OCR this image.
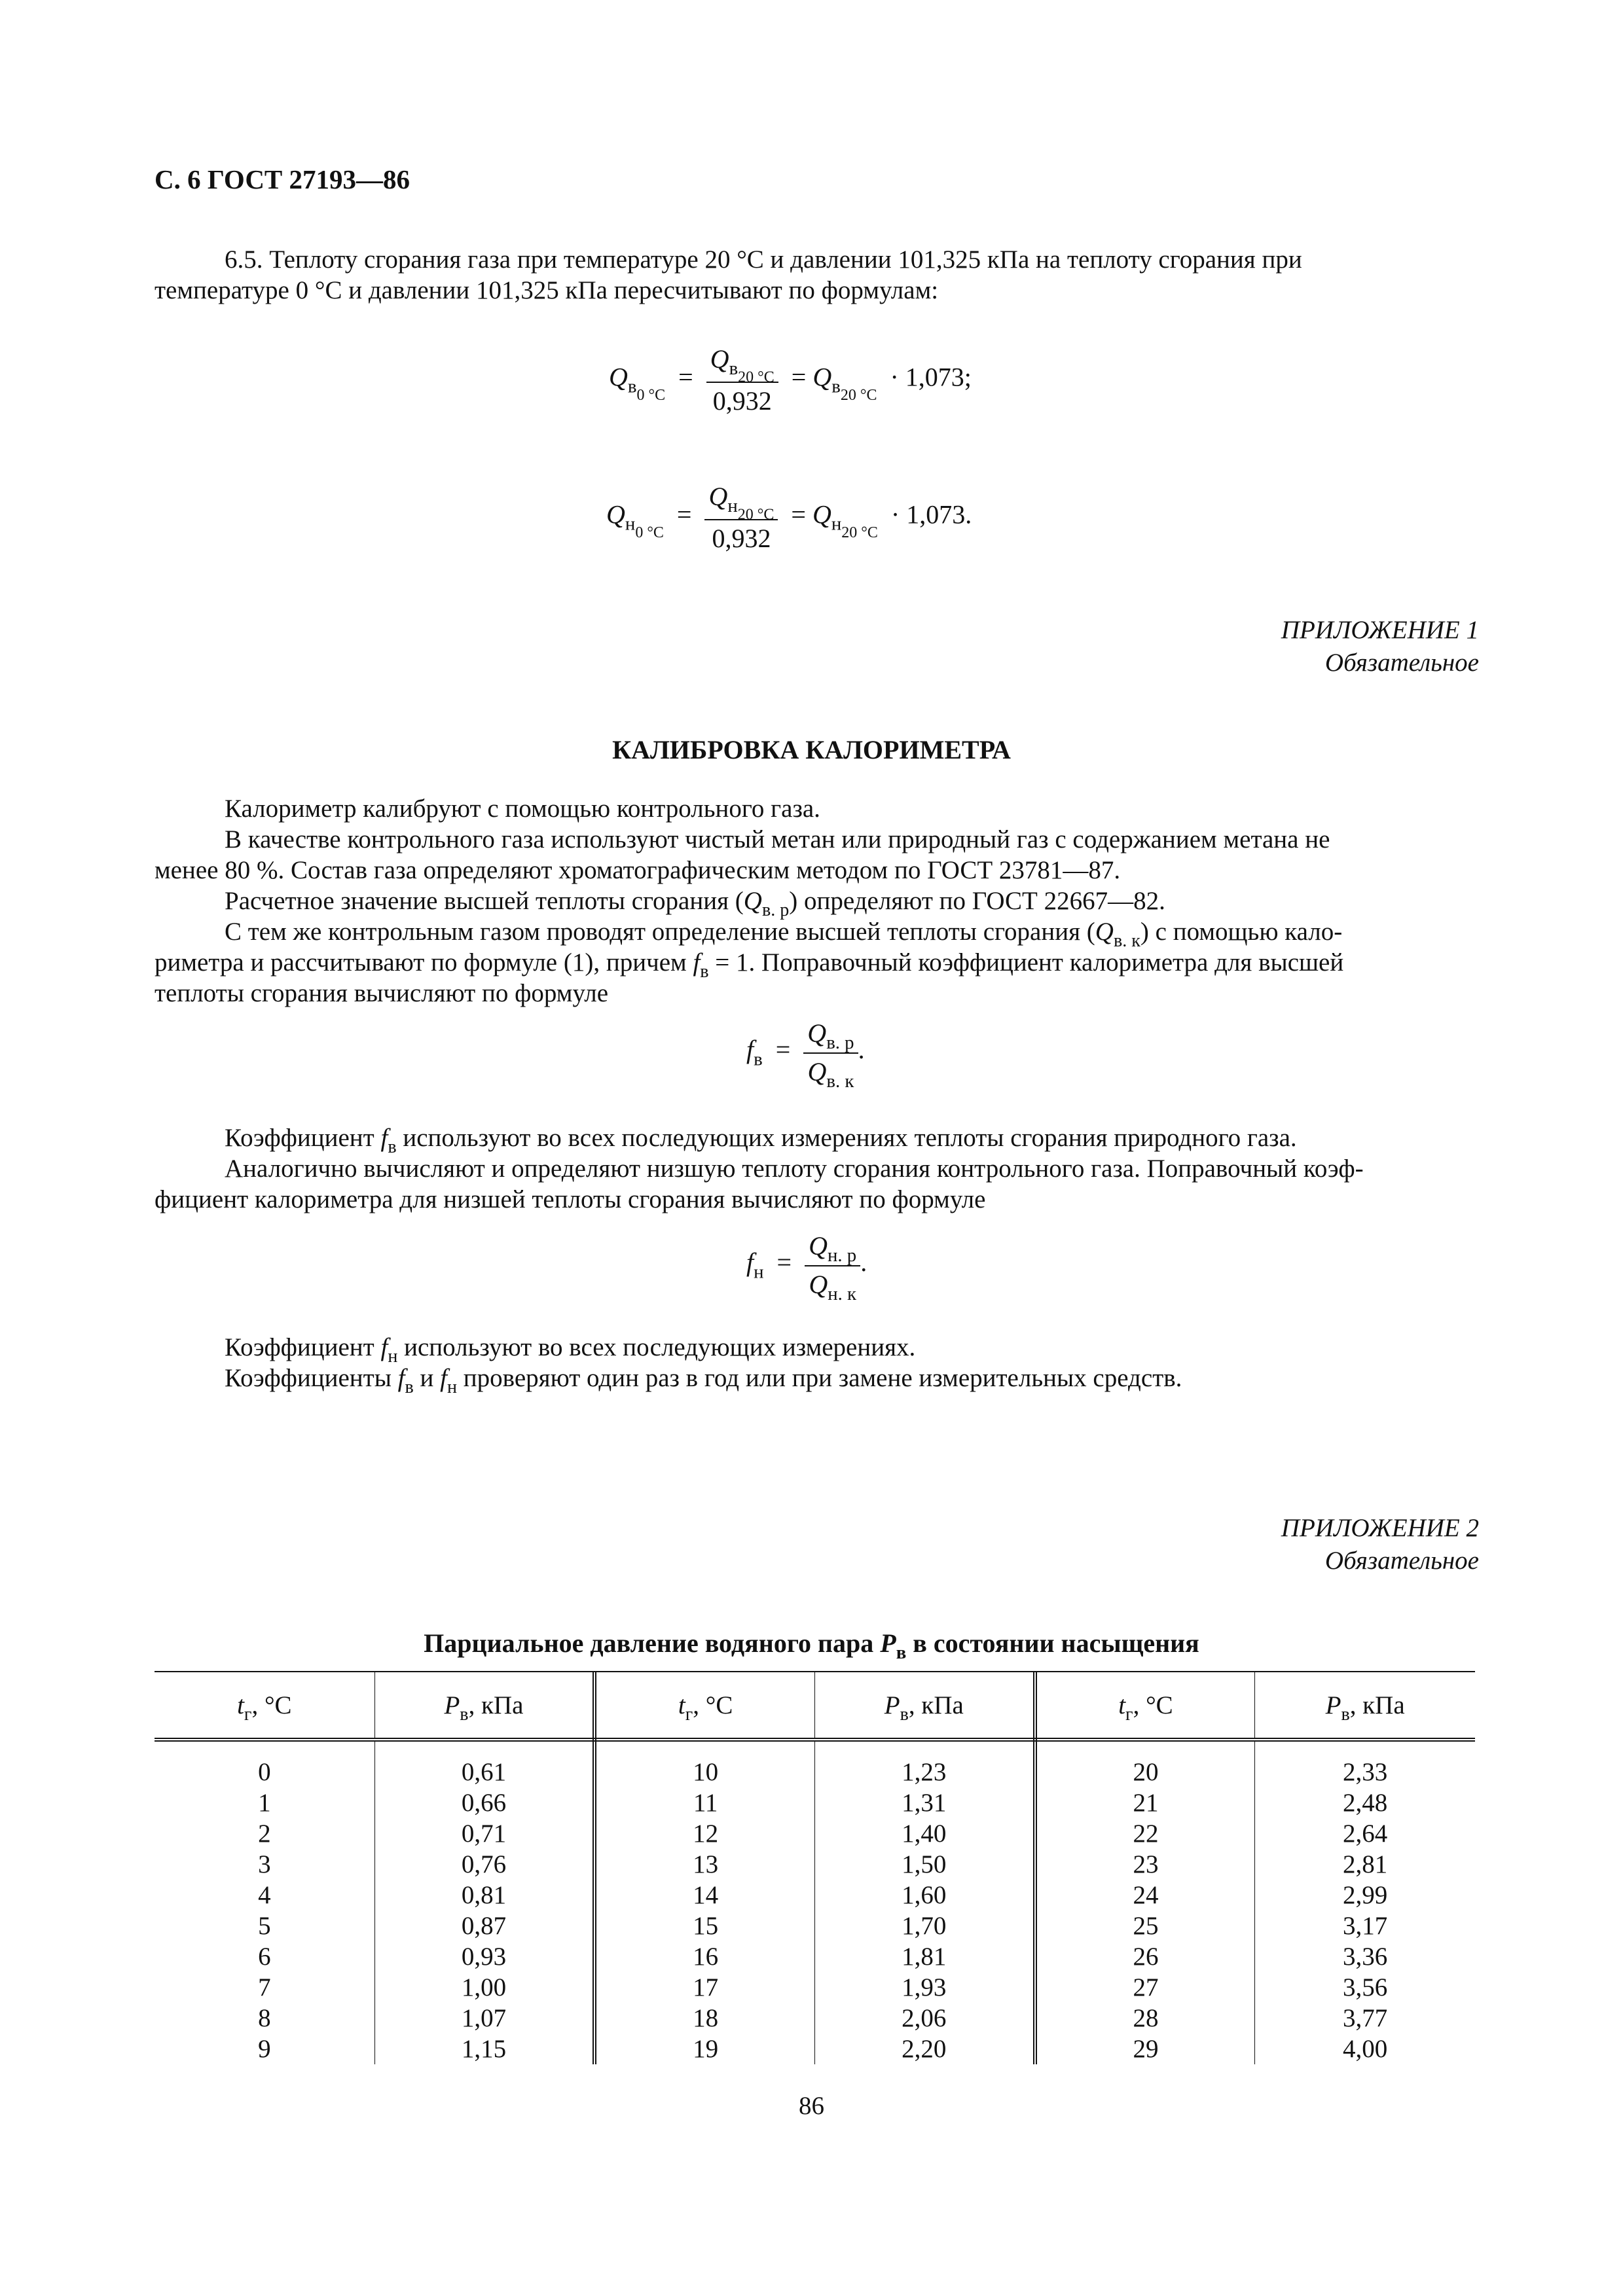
С. 6 ГОСТ 27193—86
6.5. Теплоту сгорания газа при температуре 20 °С и давлении 101,325 кПа на теплоту сгорания при
температуре 0 °С и давлении 101,325 кПа пересчитывают по формулам:
$Q_{в0 ^\circ С} = \frac{Q_{в20 ^\circ С}}{0,932} = Q_{в20 ^\circ С} \cdot 1,073$;
$Q_{н0 ^\circ С} = \frac{Q_{н20 ^\circ С}}{0,932} = Q_{н20 ^\circ С} \cdot 1,073$.
ПРИЛОЖЕНИЕ 1
Обязательное
КАЛИБРОВКА КАЛОРИМЕТРА
Калориметр калибруют с помощью контрольного газа.
В качестве контрольного газа используют чистый метан или природный газ с содержанием метана не
менее 80 %. Состав газа определяют хроматографическим методом по ГОСТ 23781—87.
Расчетное значение высшей теплоты сгорания $(Q_{в. р})$ определяют по ГОСТ 22667—82.
С тем же контрольным газом проводят определение высшей теплоты сгорания $(Q_{в. к})$ с помощью кало-
риметра и рассчитывают по формуле (1), причем $f_в = 1$. Поправочный коэффициент калориметра для высшей
теплоты сгорания вычисляют по формуле
$f_в = \frac{Q_{в. р}}{Q_{в. к}}$ .
Коэффициент $f_в$ используют во всех последующих измерениях теплоты сгорания природного газа.
Аналогично вычисляют и определяют низшую теплоту сгорания контрольного газа. Поправочный коэф-
фициент калориметра для низшей теплоты сгорания вычисляют по формуле
$f_н = \frac{Q_{н. р}}{Q_{н. к}}$ .
Коэффициент $f_н$ используют во всех последующих измерениях.
Коэффициенты $f_в$ и $f_н$ проверяют один раз в год или при замене измерительных средств.
ПРИЛОЖЕНИЕ 2
Обязательное
Парциальное давление водяного пара $P_в$ в состоянии насыщения
$t_г$, °С	$P_в$, кПа	$t_г$, °С	$P_в$, кПа	$t_г$, °С	$P_в$, кПа
0	0,61	10	1,23	20	2,33
1	0,66	11	1,31	21	2,48
2	0,71	12	1,40	22	2,64
3	0,76	13	1,50	23	2,81
4	0,81	14	1,60	24	2,99
5	0,87	15	1,70	25	3,17
6	0,93	16	1,81	26	3,36
7	1,00	17	1,93	27	3,56
8	1,07	18	2,06	28	3,77
9	1,15	19	2,20	29	4,00
86
